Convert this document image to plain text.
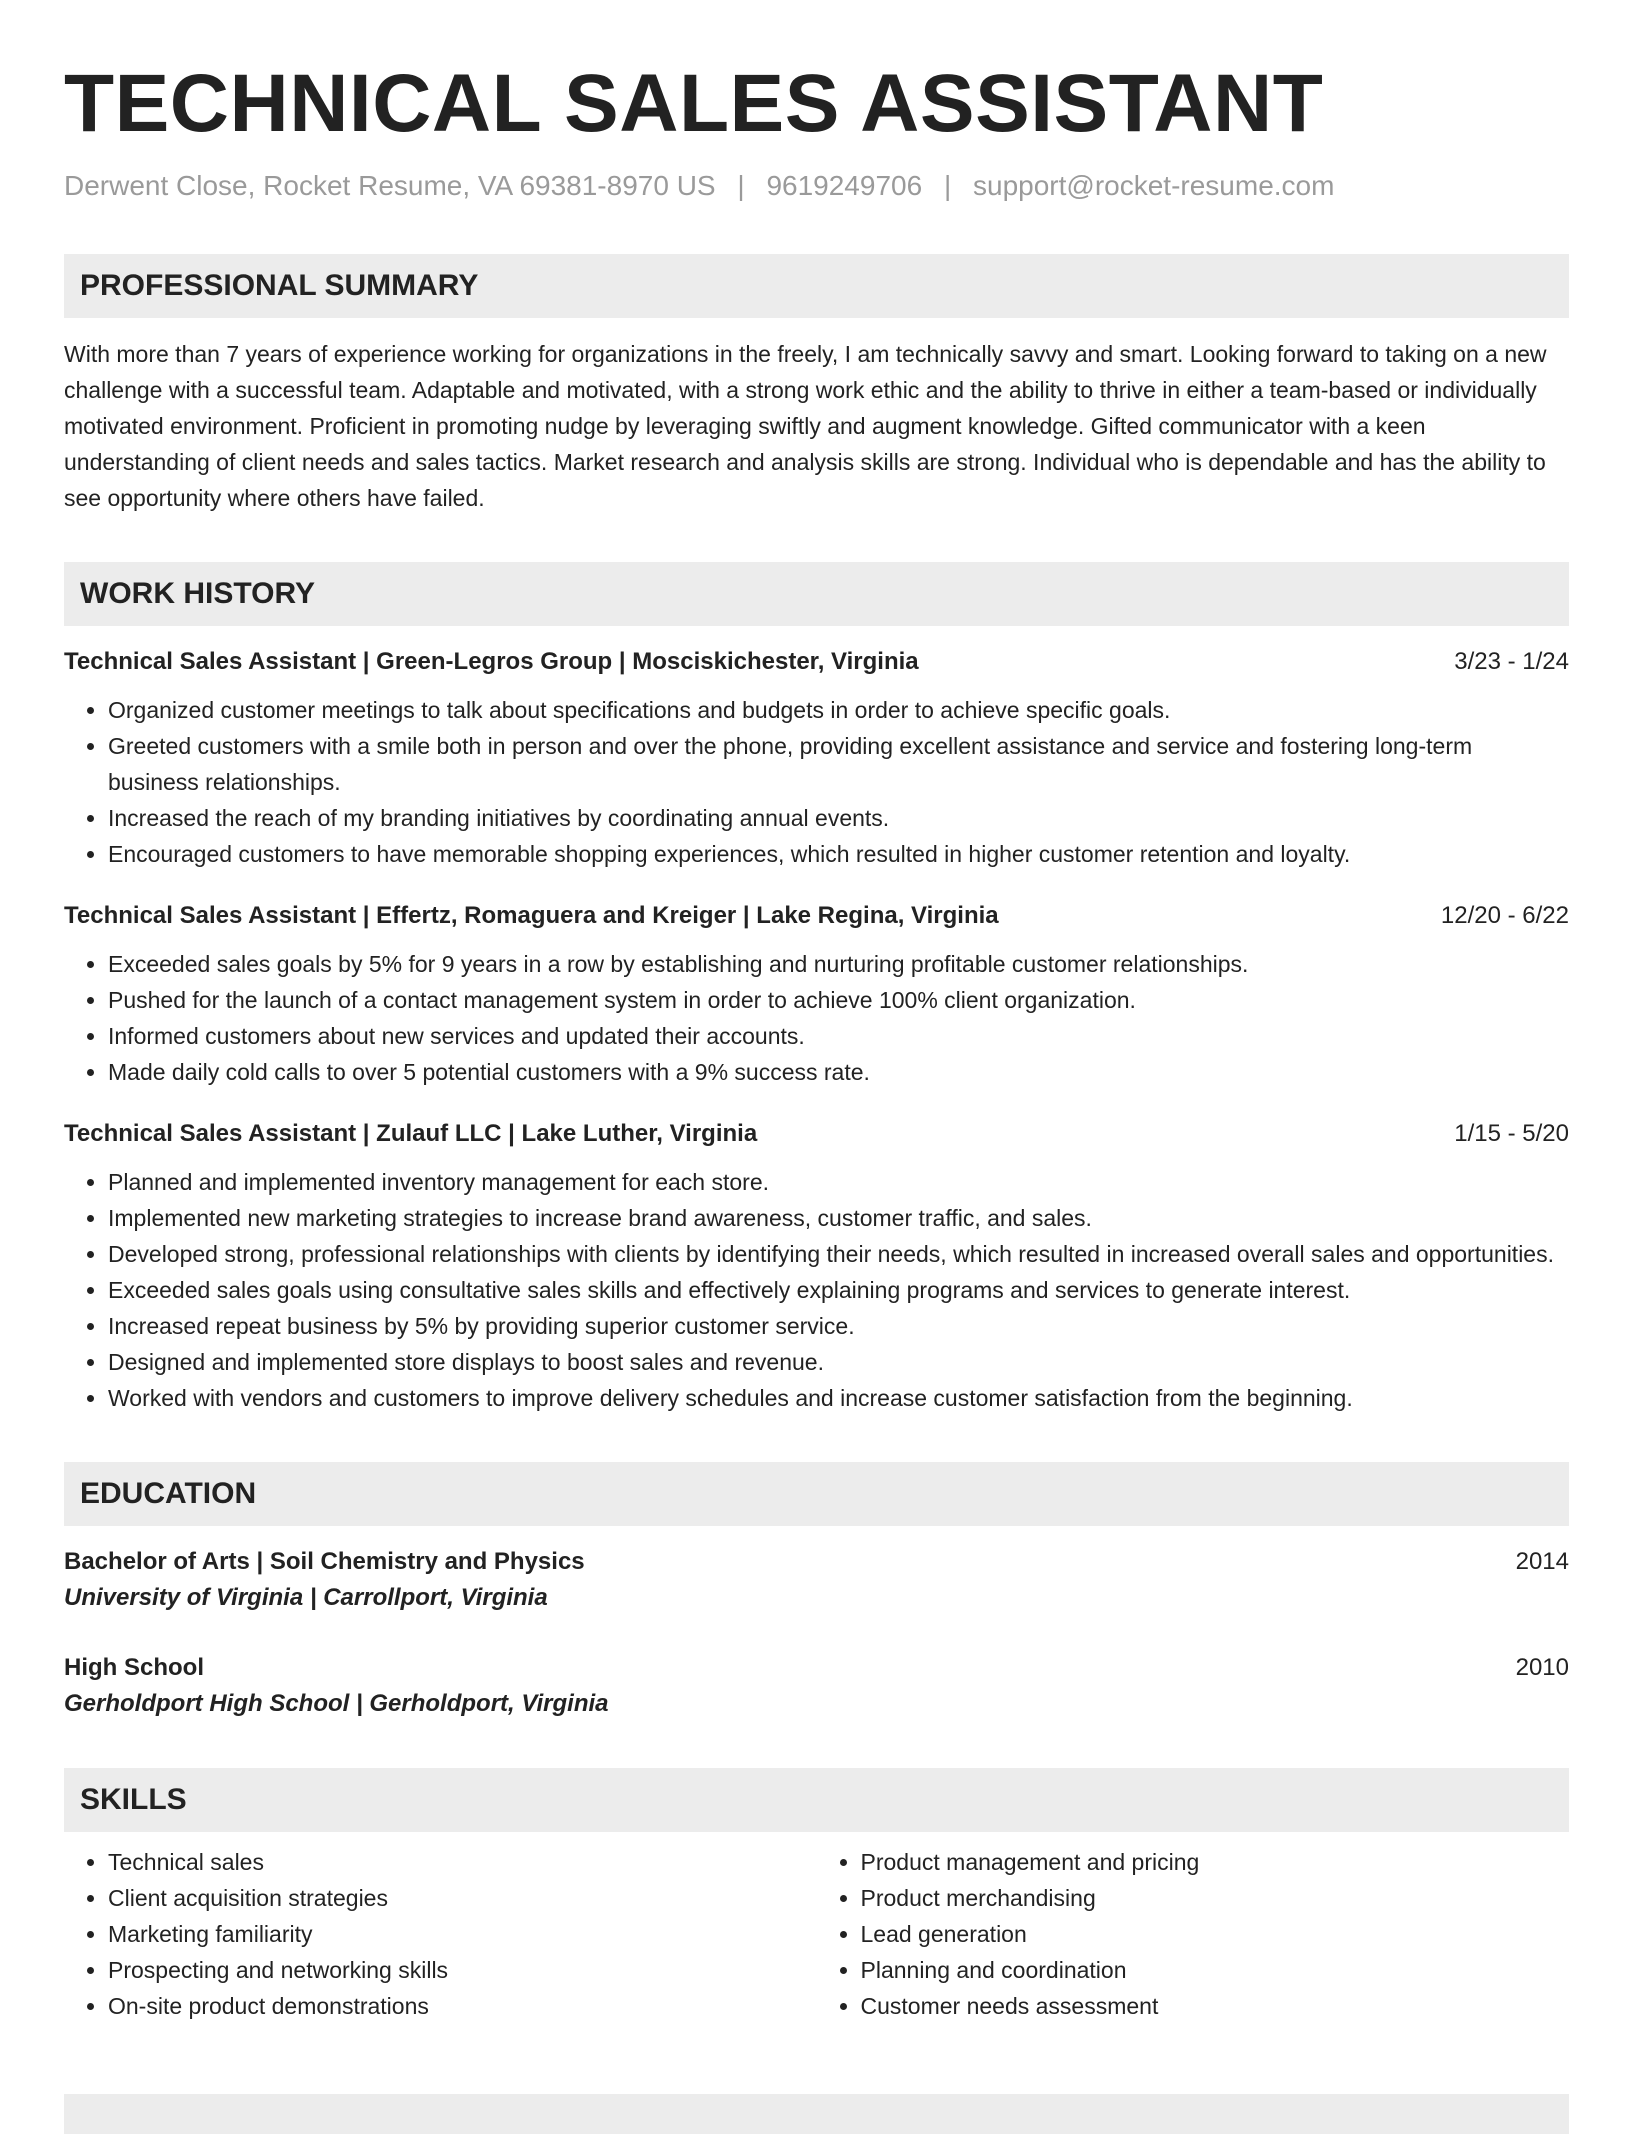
TECHNICAL SALES ASSISTANT
Derwent Close, Rocket Resume, VA 69381-8970 US | 9619249706 | support@rocket-resume.com
PROFESSIONAL SUMMARY

With more than 7 years of experience working for organizations in the freely, I am technically savvy and smart. Looking forward to taking on a new challenge with a successful team. Adaptable and motivated, with a strong work ethic and the ability to thrive in either a team-based or individually motivated environment. Proficient in promoting nudge by leveraging swiftly and augment knowledge. Gifted communicator with a keen understanding of client needs and sales tactics. Market research and analysis skills are strong. Individual who is dependable and has the ability to see opportunity where others have failed.

WORK HISTORY
Technical Sales Assistant | Green-Legros Group | Mosciskichester, Virginia	3/23 - 1/24
• Organized customer meetings to talk about specifications and budgets in order to achieve specific goals.
• Greeted customers with a smile both in person and over the phone, providing excellent assistance and service and fostering long-term business relationships.
• Increased the reach of my branding initiatives by coordinating annual events.
• Encouraged customers to have memorable shopping experiences, which resulted in higher customer retention and loyalty.
Technical Sales Assistant | Effertz, Romaguera and Kreiger | Lake Regina, Virginia	12/20 - 6/22
• Exceeded sales goals by 5% for 9 years in a row by establishing and nurturing profitable customer relationships.
• Pushed for the launch of a contact management system in order to achieve 100% client organization.
• Informed customers about new services and updated their accounts.
• Made daily cold calls to over 5 potential customers with a 9% success rate.
Technical Sales Assistant | Zulauf LLC | Lake Luther, Virginia	1/15 - 5/20
• Planned and implemented inventory management for each store.
• Implemented new marketing strategies to increase brand awareness, customer traffic, and sales.
• Developed strong, professional relationships with clients by identifying their needs, which resulted in increased overall sales and opportunities.
• Exceeded sales goals using consultative sales skills and effectively explaining programs and services to generate interest.
• Increased repeat business by 5% by providing superior customer service.
• Designed and implemented store displays to boost sales and revenue.
• Worked with vendors and customers to improve delivery schedules and increase customer satisfaction from the beginning.
EDUCATION
Bachelor of Arts | Soil Chemistry and Physics	2014
University of Virginia | Carrollport, Virginia
High School	2010
Gerholdport High School | Gerholdport, Virginia
SKILLS
• Technical sales
• Client acquisition strategies
• Marketing familiarity
• Prospecting and networking skills
• On-site product demonstrations
• Product management and pricing
• Product merchandising
• Lead generation
• Planning and coordination
• Customer needs assessment
